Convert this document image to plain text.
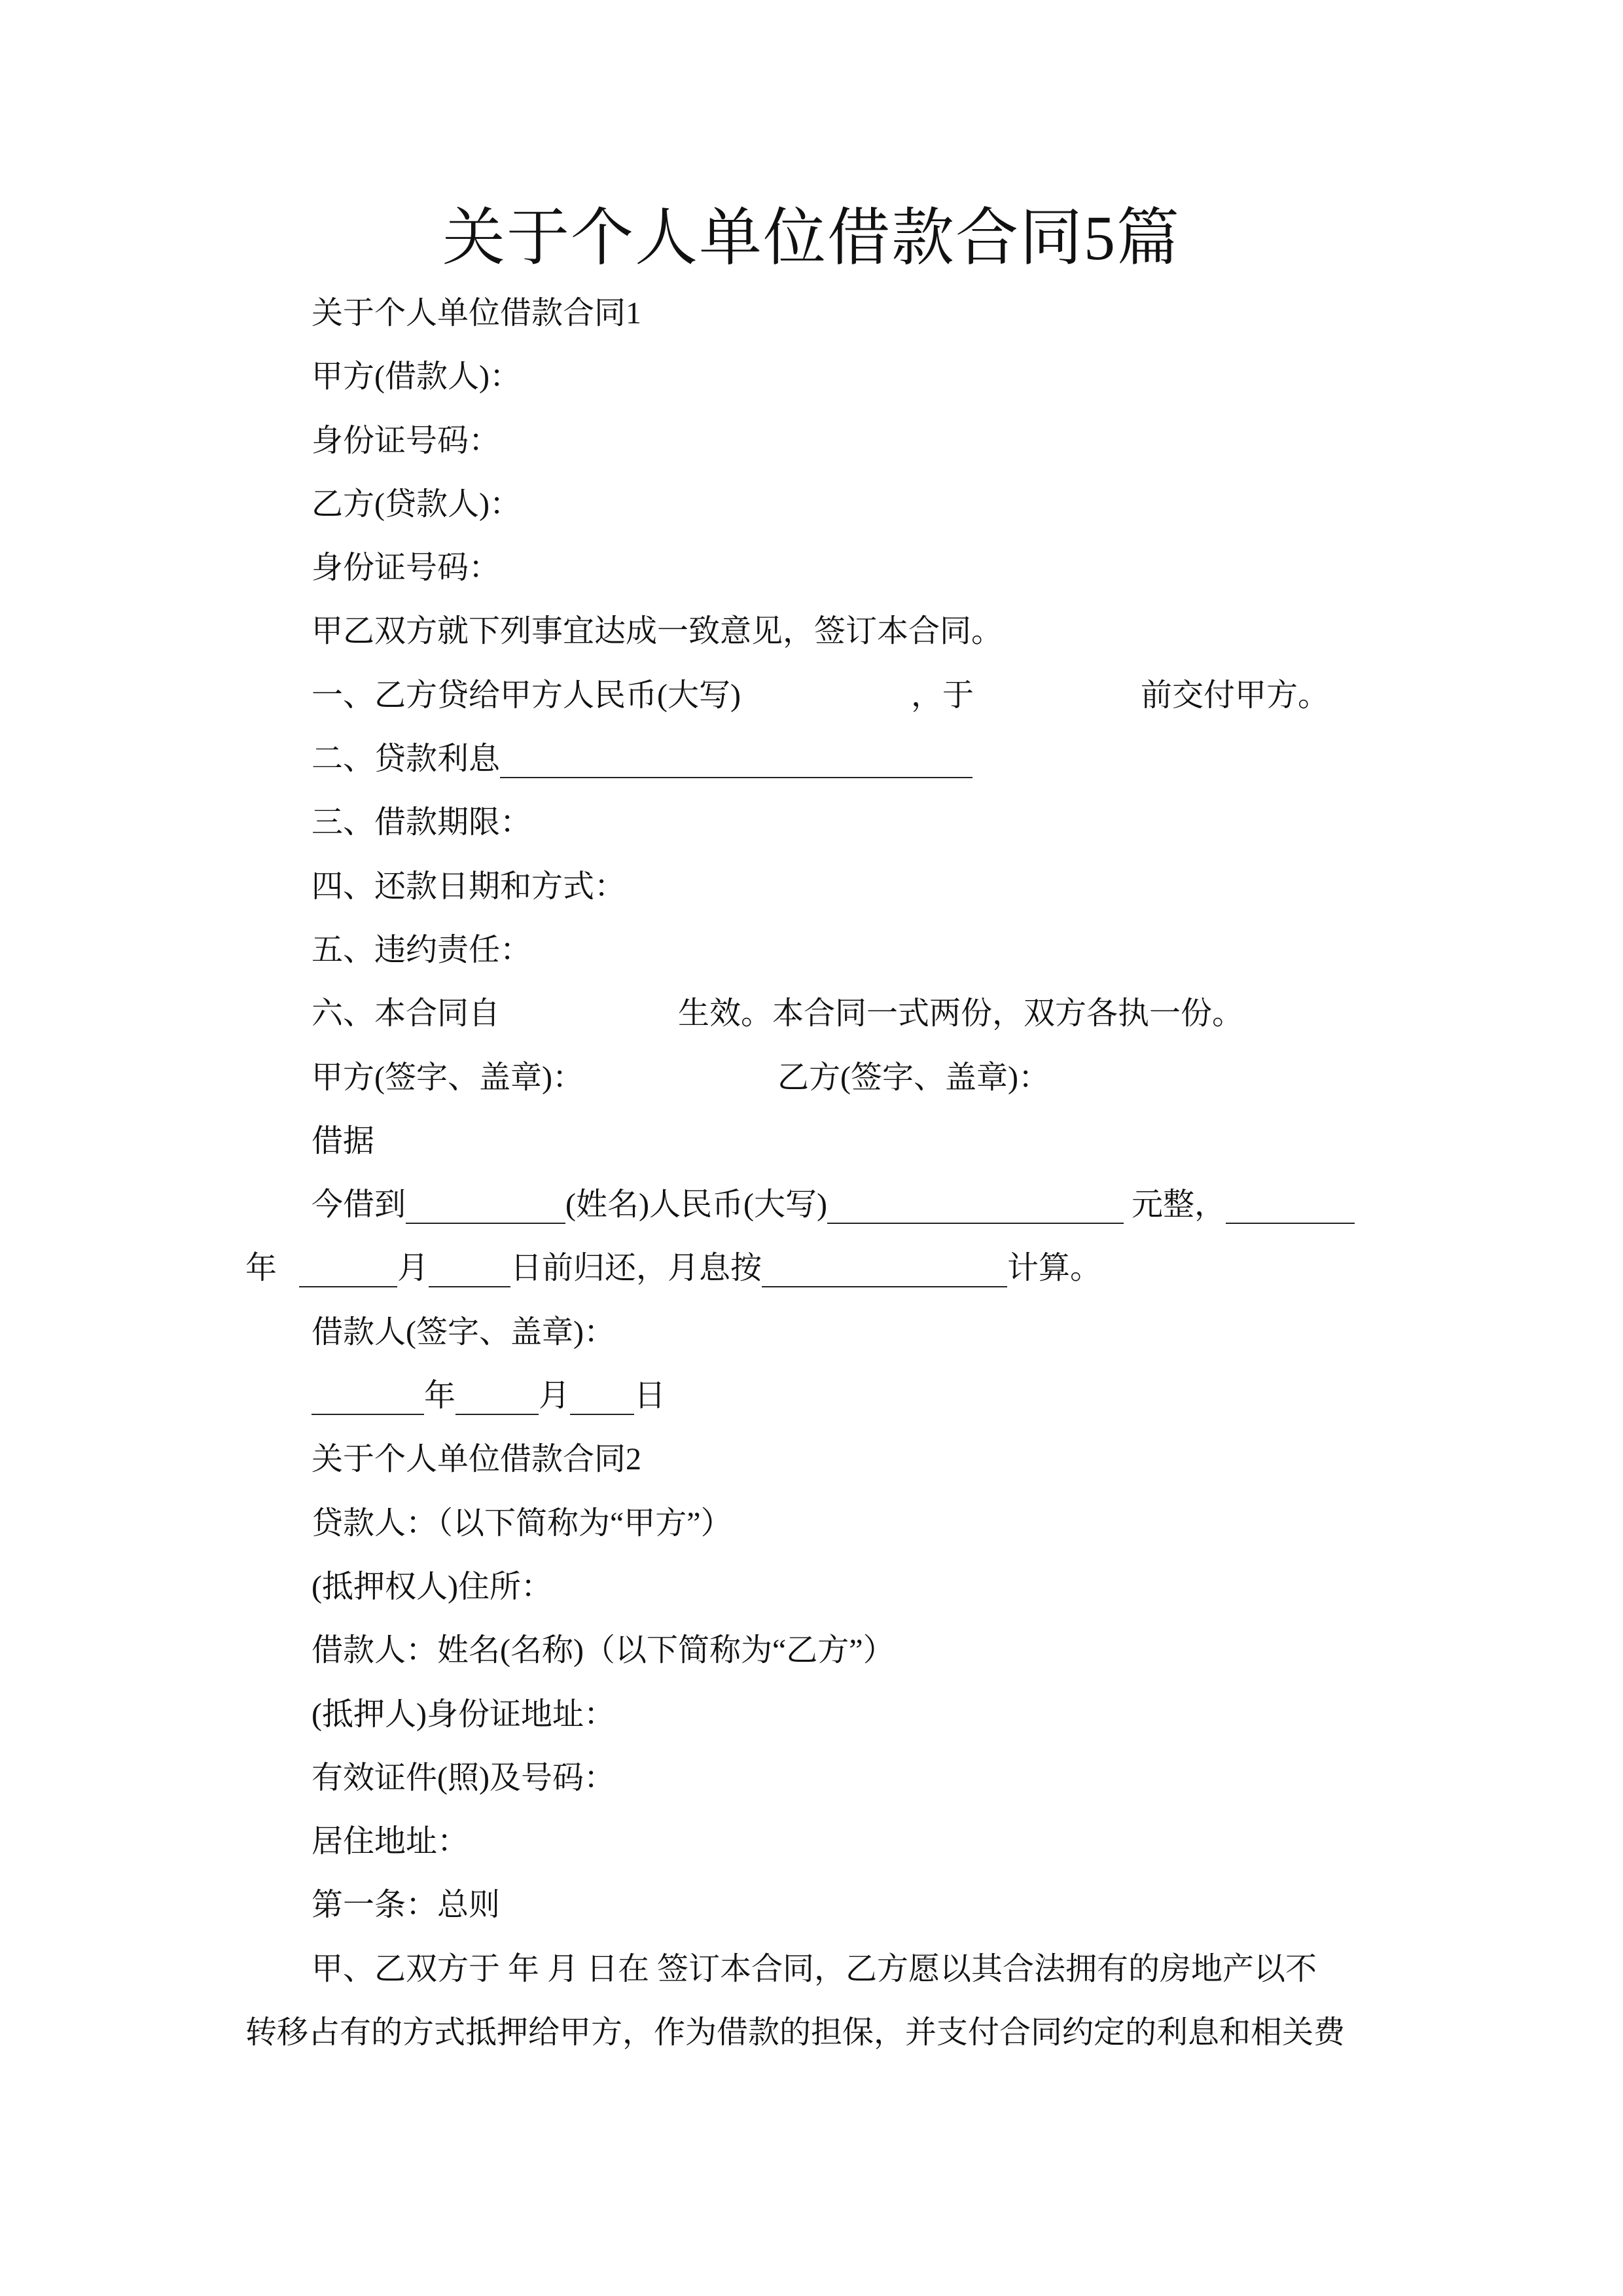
关于个人单位借款合同5篇
关于个人单位借款合同1
甲方(借款人)：
身份证号码：
乙方(贷款人)：
身份证号码：
甲乙双方就下列事宜达成一致意见，签订本合同。
一、乙方贷给甲方人民币(大写)	，于	前交付甲方。
二、贷款利息
三、借款期限：
四、还款日期和方式：
五、违约责任：
六、本合同自	生效。本合同一式两份，双方各执一份。
甲方(签字、盖章)：	乙方(签字、盖章)：
借据
今借到	(姓名)人民币(大写)	元整，
年	月	日前归还，月息按	计算。
借款人(签字、盖章)：
年	月 日
关于个人单位借款合同2
贷款人：（以下简称为“甲方”）
(抵押权人)住所：
借款人：姓名(名称)（以下简称为“乙方”）
(抵押人)身份证地址：
有效证件(照)及号码：
居住地址：
第一条：总则
甲、乙双方于 年 月 日在 签订本合同，乙方愿以其合法拥有的房地产以不
转移占有的方式抵押给甲方，作为借款的担保，并支付合同约定的利息和相关费
